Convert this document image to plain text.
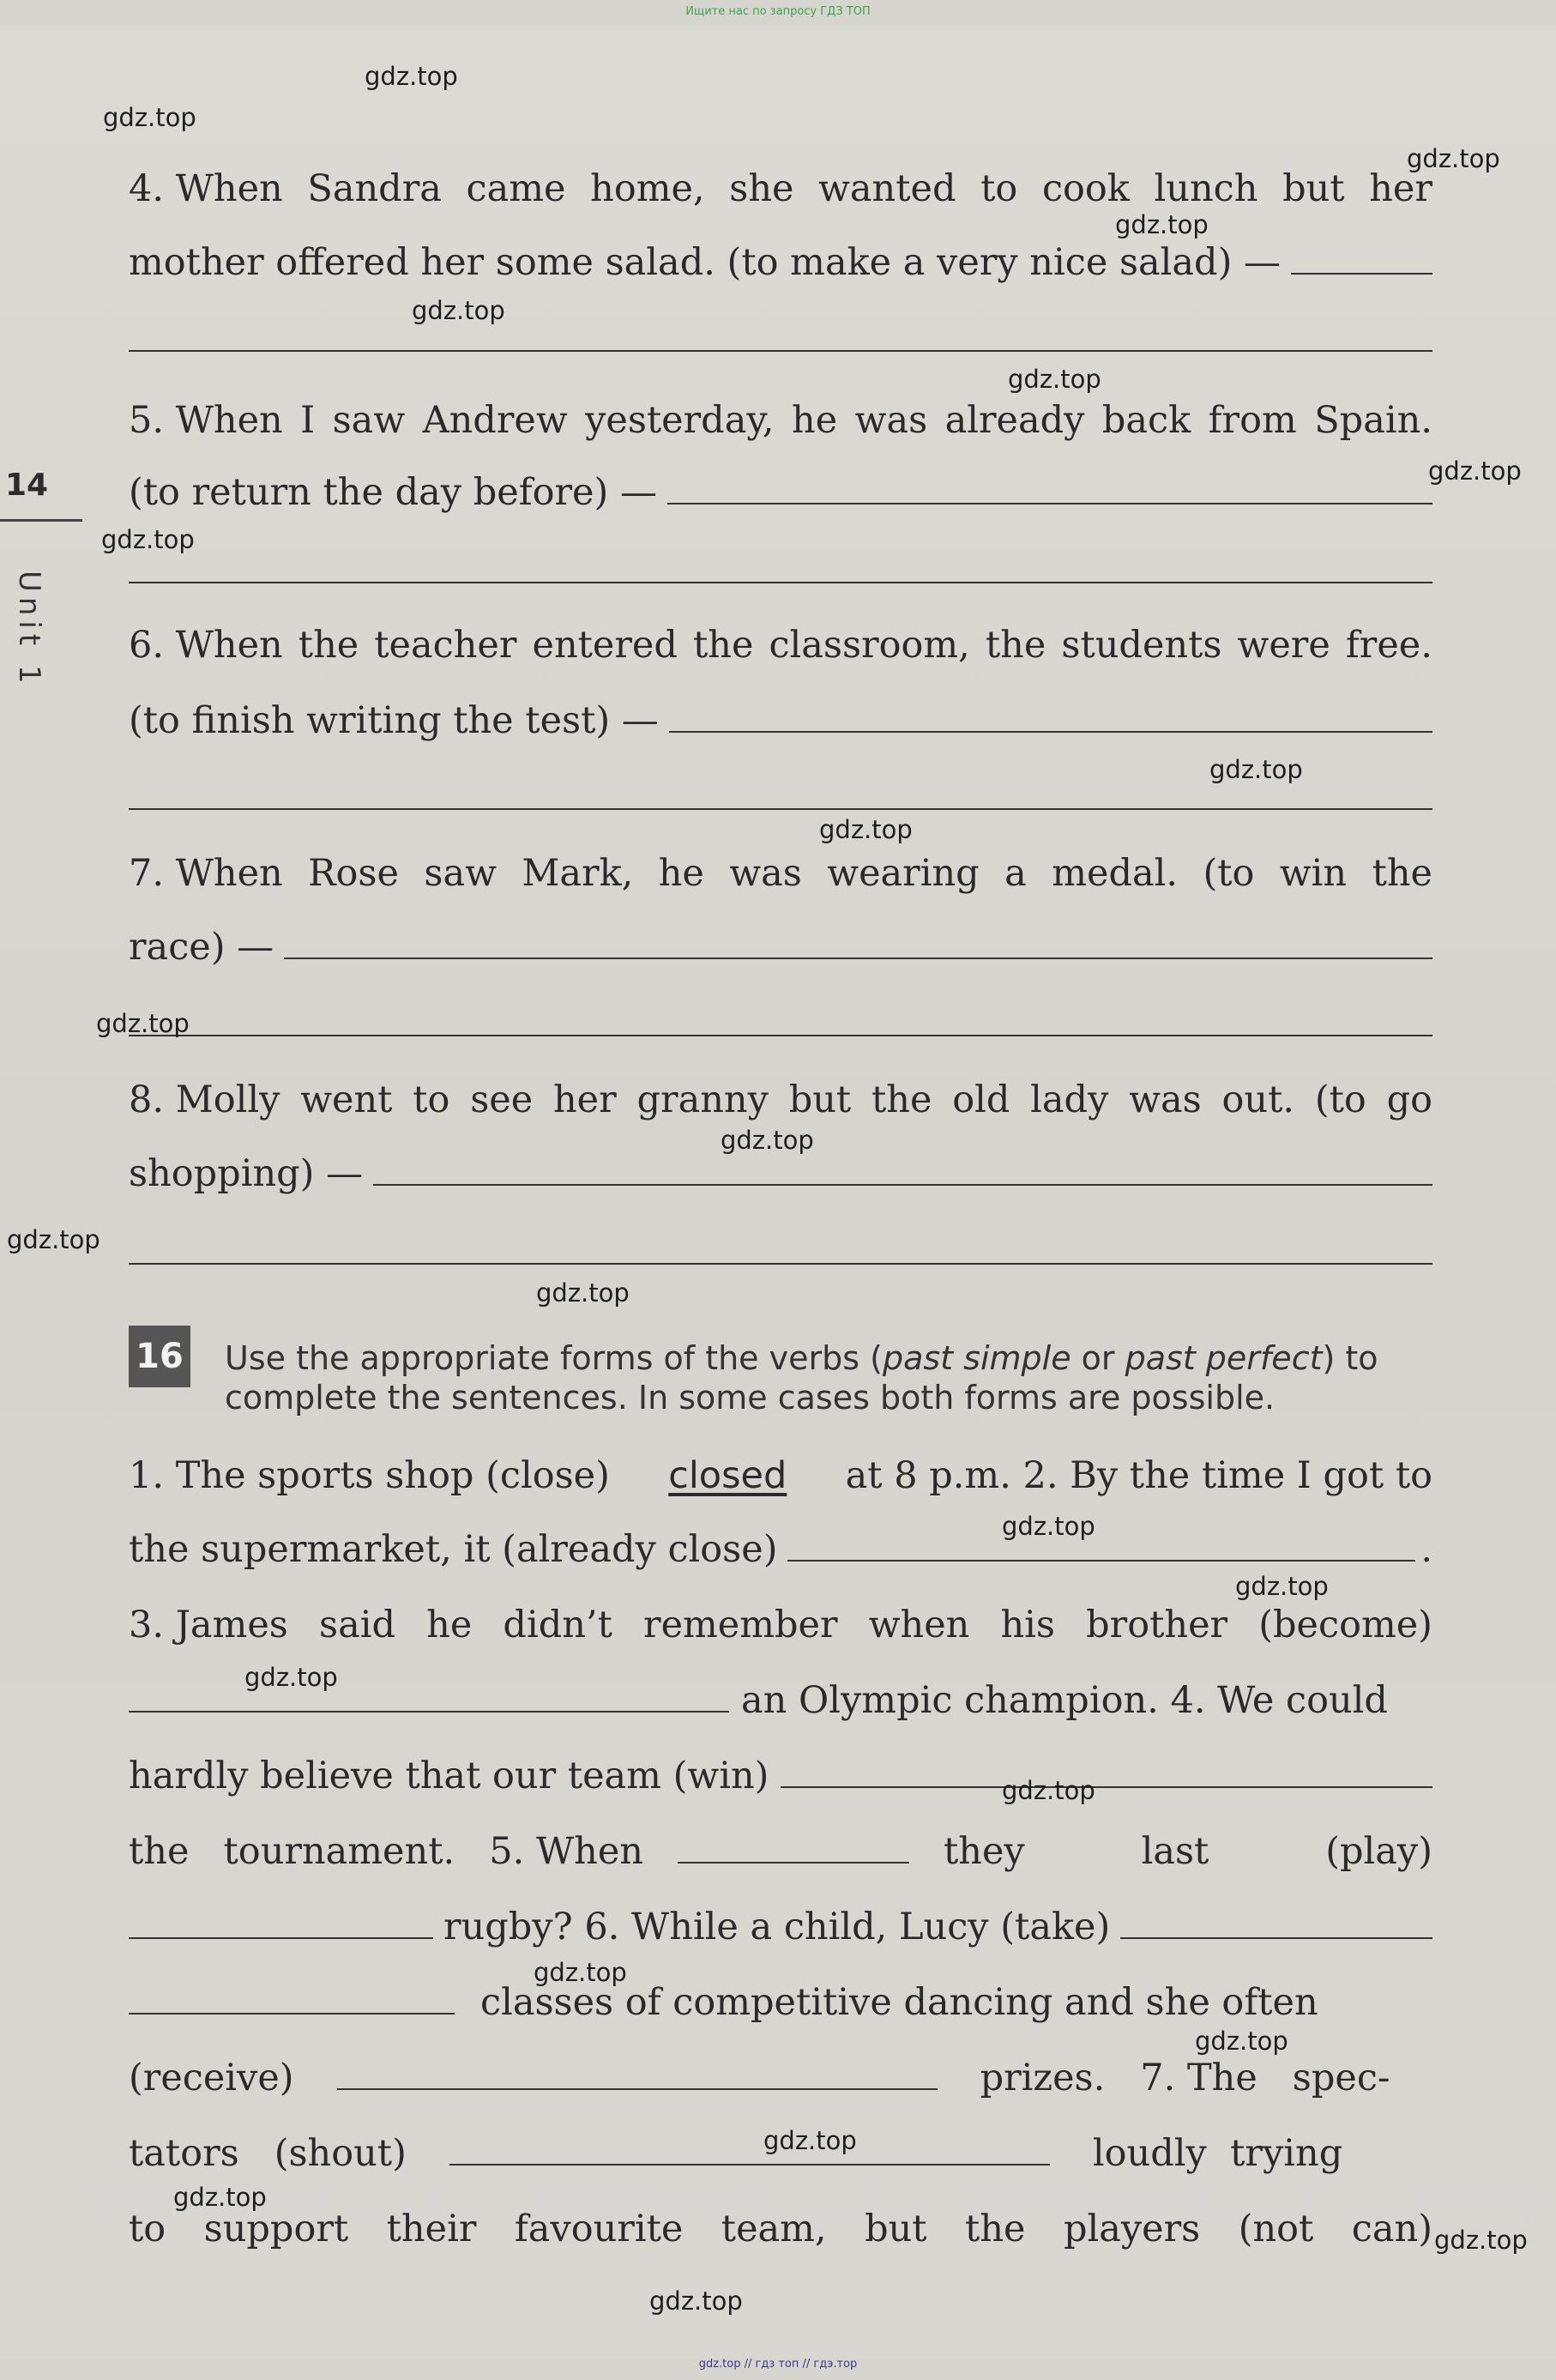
Ищите нас по запросу ГДЗ ТОП
14
Unit 1
4. When Sandra came home, she wanted to cook lunch but her
mother offered her some salad. (to make a very nice salad) —
5. When I saw Andrew yesterday, he was already back from Spain.
(to return the day before) —
6. When the teacher entered the classroom, the students were free.
(to finish writing the test) —
7. When Rose saw Mark, he was wearing a medal. (to win the
race) —
8. Molly went to see her granny but the old lady was out. (to go
shopping) —
16 Use the appropriate forms of the verbs (past simple or past perfect) to complete the sentences. In some cases both forms are possible.
1. The sports shop (close) closed at 8 p.m. 2. By the time I got to
the supermarket, it (already close)	.
3. James said he didn’t remember when his brother (become)
an Olympic champion. 4. We could
hardly believe that our team (win)
the tournament. 5. When	they	last	(play)
rugby? 6. While a child, Lucy (take)
classes of competitive dancing and she often
(receive)	prizes.   7. The   spec-
tators   (shout)	loudly  trying
to support their favourite team, but the players (not can)

gdz.top
gdz.top
gdz.top
gdz.top
gdz.top
gdz.top
gdz.top
gdz.top
gdz.top
gdz.top
gdz.top
gdz.top
gdz.top
gdz.top
gdz.top
gdz.top
gdz.top
gdz.top
gdz.top
gdz.top
gdz.top
gdz.top
gdz.top
gdz.top
gdz.top // гдз топ // гдэ.тор
